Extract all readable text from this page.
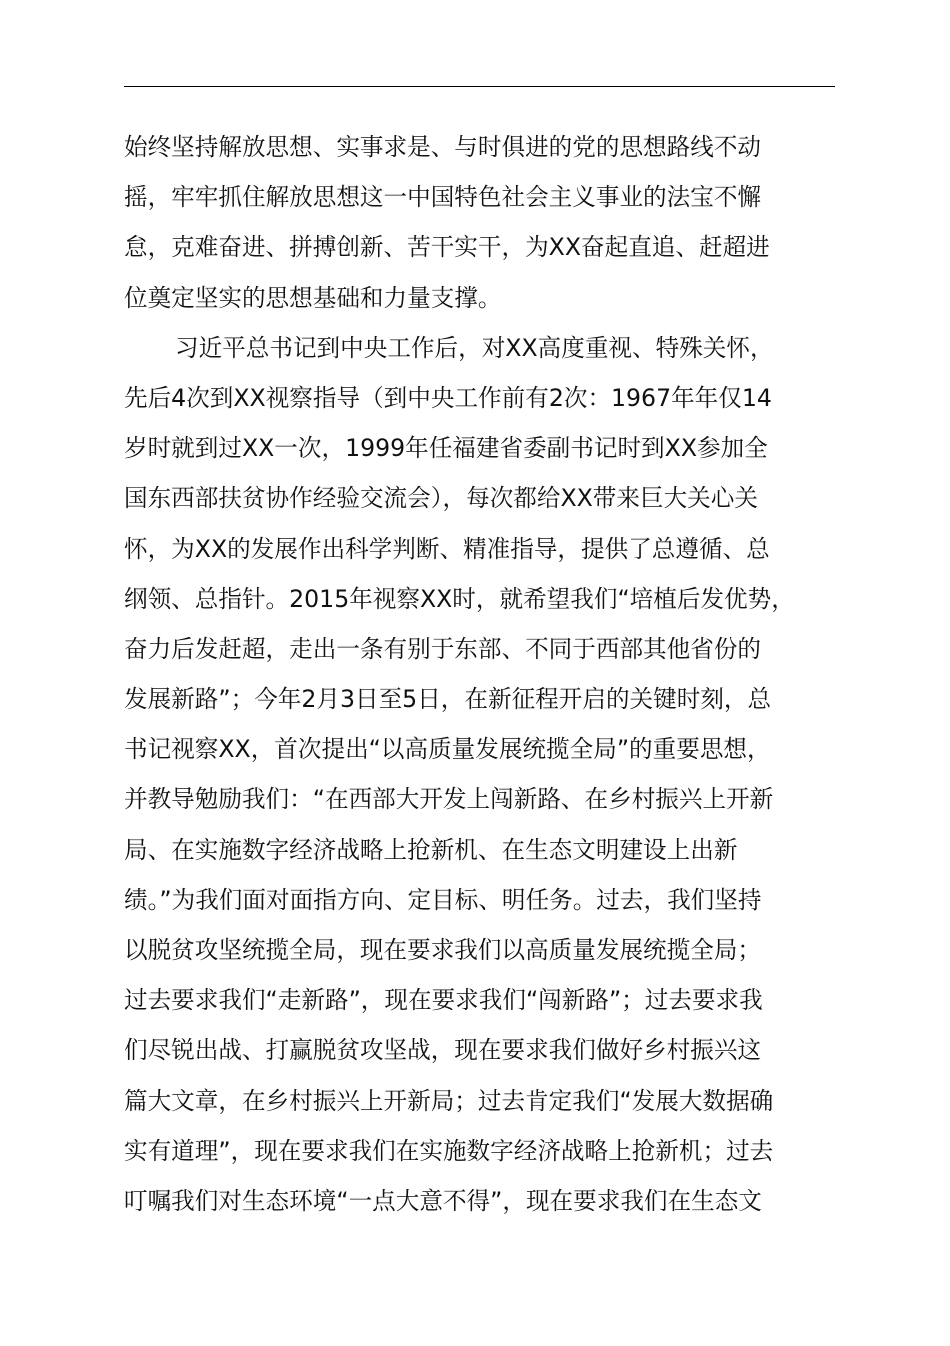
始终坚持解放思想、实事求是、与时俱进的党的思想路线不动
摇，牢牢抓住解放思想这一中国特色社会主义事业的法宝不懈
怠，克难奋进、拼搏创新、苦干实干，为XX奋起直追、赶超进
位奠定坚实的思想基础和力量支撑。
习近平总书记到中央工作后，对XX高度重视、特殊关怀，
先后4次到XX视察指导（到中央工作前有2次：1967年年仅14
岁时就到过XX一次，1999年任福建省委副书记时到XX参加全
国东西部扶贫协作经验交流会），每次都给XX带来巨大关心关
怀，为XX的发展作出科学判断、精准指导，提供了总遵循、总
纲领、总指针。2015年视察XX时，就希望我们“培植后发优势，
奋力后发赶超，走出一条有别于东部、不同于西部其他省份的
发展新路”；今年2月3日至5日，在新征程开启的关键时刻，总
书记视察XX，首次提出“以高质量发展统揽全局”的重要思想，
并教导勉励我们：“在西部大开发上闯新路、在乡村振兴上开新
局、在实施数字经济战略上抢新机、在生态文明建设上出新
绩。”为我们面对面指方向、定目标、明任务。过去，我们坚持
以脱贫攻坚统揽全局，现在要求我们以高质量发展统揽全局；
过去要求我们“走新路”，现在要求我们“闯新路”；过去要求我
们尽锐出战、打赢脱贫攻坚战，现在要求我们做好乡村振兴这
篇大文章，在乡村振兴上开新局；过去肯定我们“发展大数据确
实有道理”，现在要求我们在实施数字经济战略上抢新机；过去
叮嘱我们对生态环境“一点大意不得”，现在要求我们在生态文
